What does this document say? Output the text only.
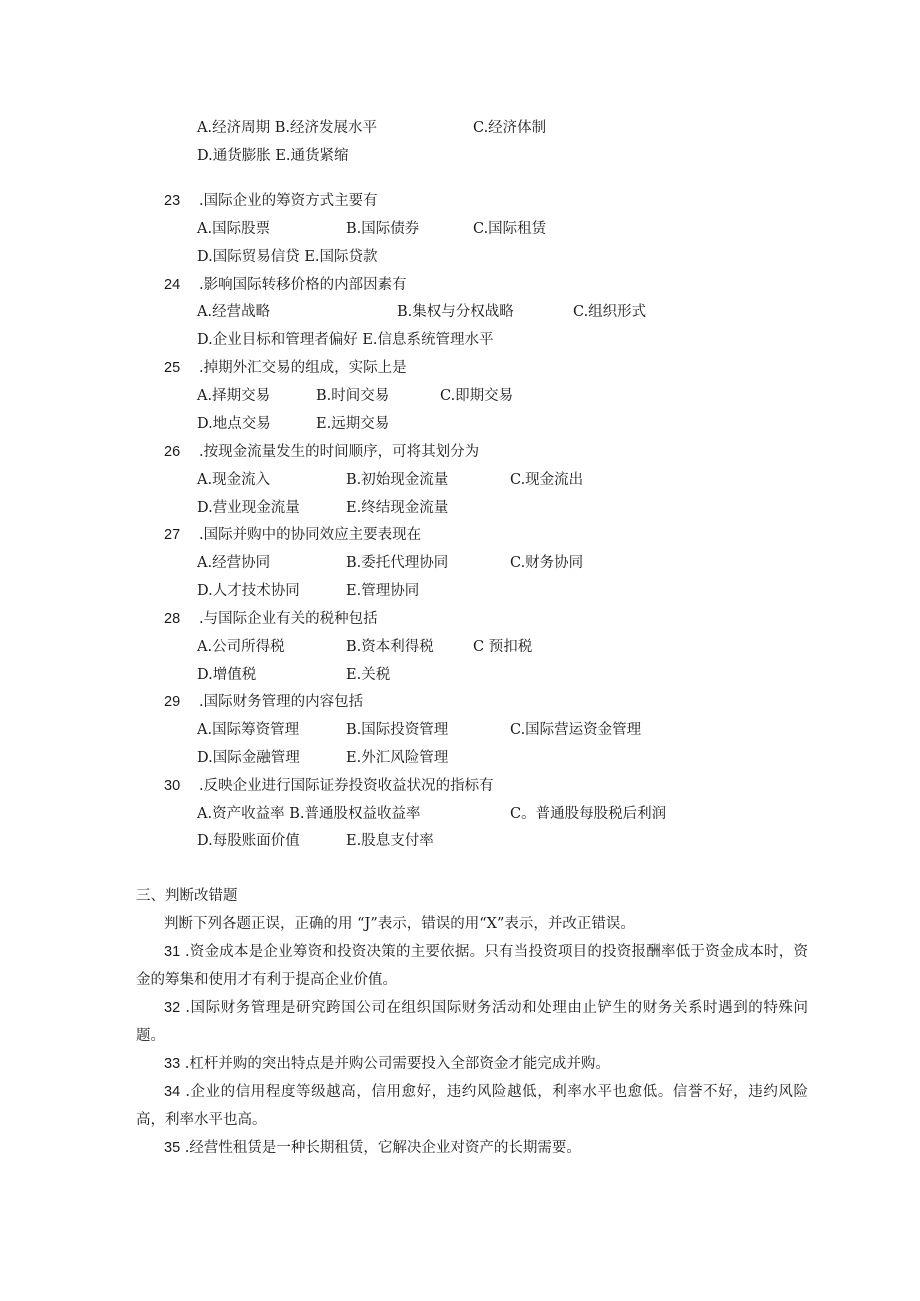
A.经济周期 B.经济发展水平	C.经济体制
D.通货膨胀 E.通货紧缩
23 .国际企业的筹资方式主要有
A.国际股票	B.国际债券	C.国际租赁
D.国际贸易信贷 E.国际贷款
24 .影响国际转移价格的内部因素有
A.经营战略	B.集权与分权战略	C.组织形式
D.企业目标和管理者偏好 E.信息系统管理水平
25 .掉期外汇交易的组成，实际上是
A.择期交易	B.时间交易	C.即期交易
D.地点交易	E.远期交易
26 .按现金流量发生的时间顺序，可将其划分为
A.现金流入	B.初始现金流量	C.现金流出
D.营业现金流量	E.终结现金流量
27 .国际并购中的协同效应主要表现在
A.经营协同	B.委托代理协同	C.财务协同
D.人才技术协同	E.管理协同
28 .与国际企业有关的税种包括
A.公司所得税	B.资本利得税	C 预扣税
D.增值税	E.关税
29 .国际财务管理的内容包括
A.国际筹资管理	B.国际投资管理	C.国际营运资金管理
D.国际金融管理	E.外汇风险管理
30 .反映企业进行国际证券投资收益状况的指标有
A.资产收益率 B.普通股权益收益率	C。普通股每股税后利润
D.每股账面价值	E.股息支付率
三、判断改错题
判断下列各题正误，正确的用 “J”表示，错误的用“X”表示，并改正错误。
31 .资金成本是企业筹资和投资决策的主要依据。只有当投资项目的投资报酬率低于资金成本时，资金的筹集和使用才有利于提高企业价值。
32 .国际财务管理是研究跨国公司在组织国际财务活动和处理由止铲生的财务关系时遇到的特殊问题。
33 .杠杆并购的突出特点是并购公司需要投入全部资金才能完成并购。
34 .企业的信用程度等级越高，信用愈好，违约风险越低，利率水平也愈低。信誉不好，违约风险高，利率水平也高。
35 .经营性租赁是一种长期租赁，它解决企业对资产的长期需要。
